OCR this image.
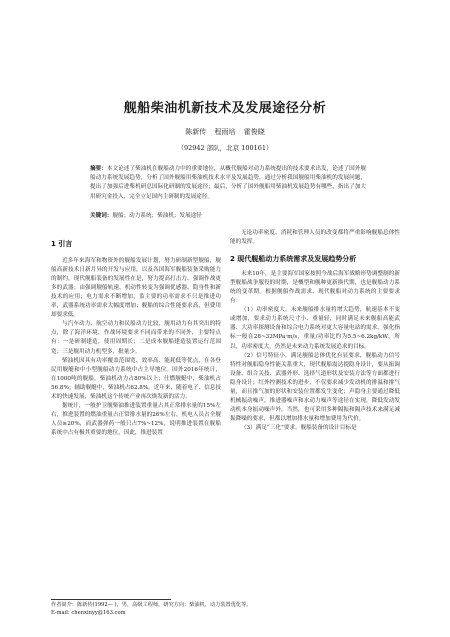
舰船柴油机新技术及发展途径分析
陈新传 程雨培 霍俊晓
（92942 部队，北京 100161）
摘要：本文论述了柴油机在舰船动力中的重要地位，从概代舰船对动力系统提出的技术要求出发，论述了国外舰船动力系统发展趋势，分析了国外舰船用柴油机技术水平及发展趋势，通过分析我国舰船用柴油机的发展问题，提出了加强后进柴机研总国际化研制的发展途径；最后，分析了国外舰船用柴油机发展趋势有哪些，指出了加大用研究金投入，完全立足国内主研制的发展途径。
关键词：舰船；动力系统；柴油机；发展途径
1 引言

近多年来海军和物资外的舰船发展计划，努力研制新型舰船，舰船高新技术日新月异的开发与应用，以及各国海军舰船装备采购能力的制约，现代舰船装备的发展性在是，努力提高打击力、强调作战更多的武器；由强调舰船轨速、机动性转变为强调优感器、隐身性和新技术的应用；电力需求不断增加，监主要的功率需求不只是推进功率，武器系统功率需求大幅度增加；舰船的综合性能要求高，但费用却要求低。

与汽车动力、航空动力和民船动力比较，舰用动力有其突出的特点，除了海洋环境，作战环境要求不同而带来的不同外，主要特点有：一是研制建造，使用周期长；二是成本舰船建造装置运行范围宽；三是舰用动力机型多，批量少。

柴油机因具有功率覆盖范围宽、效率高、能耗低等优点，在各登民用舰艇和中小型舰船动力系统中占主导地位。国外2016年统计，在1000吨的舰船，柴油机动力占80%以上；仕燃舰艇中，柴油机占56.8%；辅助舰艇中，柴油机占62.8%。近年来，随着电子、信息技术的快速发展，柴油机这个传统产业再次焕发新的活力。

据统计，一般护卫舰柴油推进装置重量占其正常排水量的15%左右，推进装置的燃油重量占正常排水量的26%左右，机电人员占全舰人员≥20%，而武器弹药一般只占7%~12%，说明推进装置在舰船系统中占有极其重要的地位，因此，推进装置

无论功率密度、消耗和管理人员的改变都将严重影响舰船总体性能的发挥。

2 现代舰船动力系统需求及发展趋势分析

未来10年，是主要海军国家按照今战后海军战略形势调整制的新型舰船战争服役的时期，是概型和舰种更新换代期，也是舰船动力系统的变革期。根据舰船作战需求，现代舰船对动力系统的主要要求有：

（1）功率密度大。未来舰船排水量将增大趋势，航速基本不变或增加，要求动力系统尺寸小、重量轻，同时满足未来舰船高能武器、大功率探测设备和综合电力系统对更大容量电站的需求，强化指标一般在28~32MPa·m/s，重量/功率比约为5.5~6.2kg/kW。所以，功率密度大，仍然是未来动力系统发展追求的目标。

（2）信号特征小。满足舰船总体优化有显要求，舰船动力信号特性对舰船隐身性能关系重大，现代舰船震达提隐身设计，要从振调设备、组合关技、武器外形、选择气道形状及安装方法等方面都进行隐身设计；红外控测技术的进步，不仅要求减少发动机的排温和排气量，而且推气加的形状和安装位置都发生变化；声隐身主要通过降低机械振动噪声，推进器噪声和水动力噪声等途径在实现，降低发动发动机本身振动噪声外，当然，也可采用多种隔振和隔声技术来满足减振降噪的要求，但都以增加排水量和增加费用为代价。

（3）满足“三化”要求。舰船装备的设计目标是

作者简介：陈新传(1992— )，男，高级工程师，研究方向：柴油机、动力装置优化等。
E-mail: chenxinyy@163.com
